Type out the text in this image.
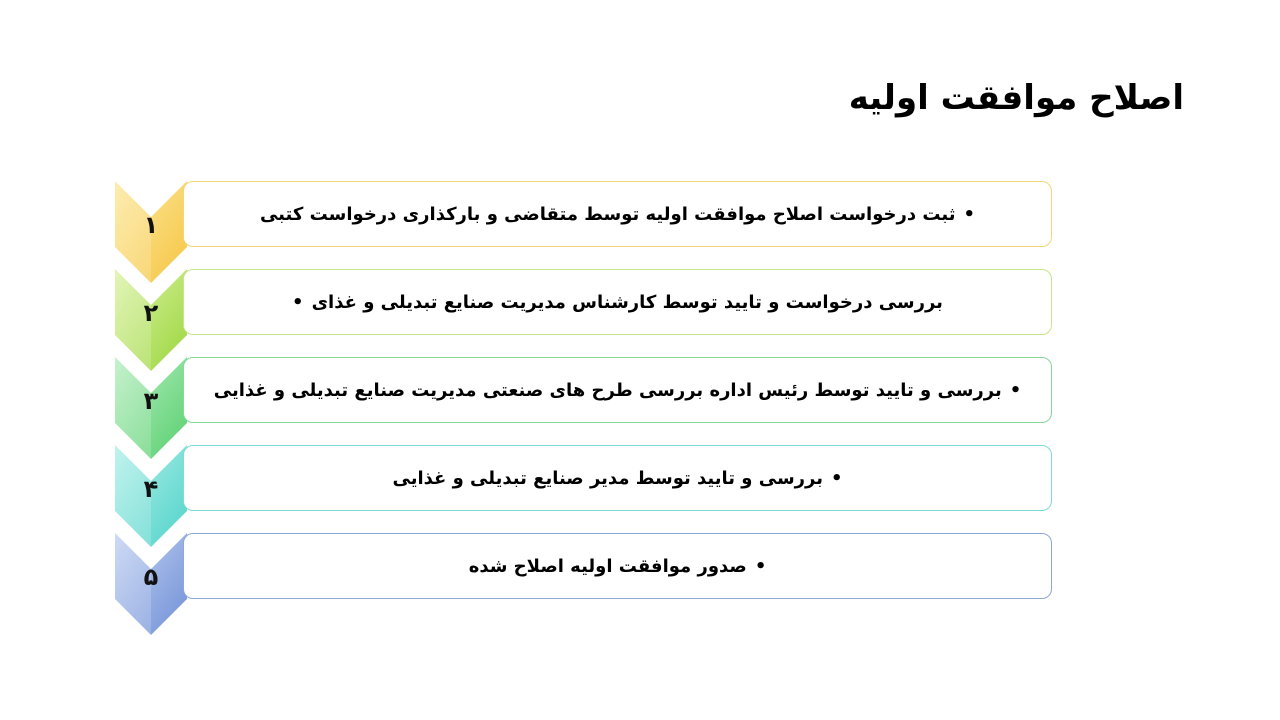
اصلاح موافقت اولیه
۱	•ثبت درخواست اصلاح موافقت اولیه توسط متقاضی و بارکذاری درخواست کتبی
۲	بررسی درخواست و تایید توسط کارشناس مدیریت صنایع تبدیلی و غذای•
۳	•بررسی و تایید توسط رئیس اداره بررسی طرح های صنعتی مدیریت صنایع تبدیلی و غذایی
۴	•بررسی و تایید توسط مدیر صنایع تبدیلی و غذایی
۵	•صدور موافقت اولیه اصلاح شده
